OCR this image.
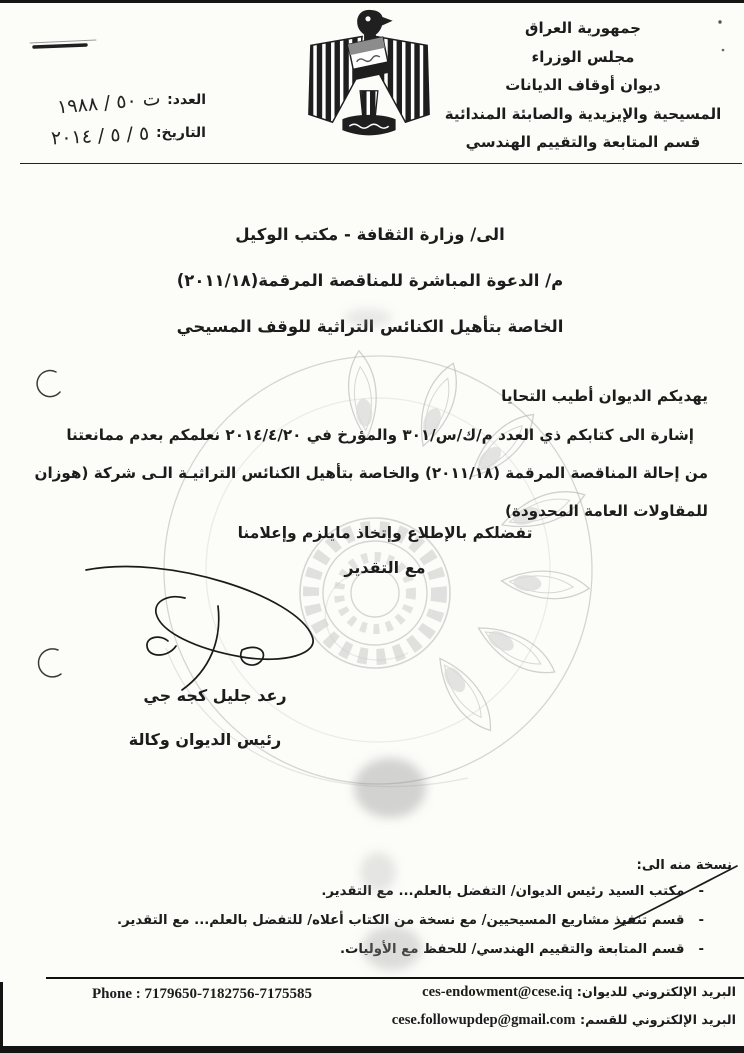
جمهورية العراق
مجلس الوزراء
ديوان أوقاف الديانات
المسيحية والإيزيدية والصابئة المندائية
قسم المتابعة والتقييم الهندسي
العدد:
ت ٥٠ / ١٩٨٨
التاريخ:
٥ / ٥ / ٢٠١٤
الى/ وزارة الثقافة - مكتب الوكيل
م/ الدعوة المباشرة للمناقصة المرقمة(٢٠١١/١٨)
الخاصة بتأهيل الكنائس التراثية للوقف المسيحي
يهديكم الديوان أطيب التحايا
إشارة الى كتابكم ذي العدد م/ك/س/٣٠١ والمؤرخ في ٢٠١٤/٤/٢٠ نعلمكم بعدم ممانعتنا
من إحالة المناقصة المرقمة (٢٠١١/١٨) والخاصة بتأهيل الكنائس التراثيـة الـى شركة (هوزان
للمقاولات العامة المحدودة)
تفضلكم بالإطلاع وإتخاذ مايلزم وإعلامنا
مع التقدير
رعد جليل كجه جي
رئيس الديوان وكالة
نسخة منه الى:
-مكتب السيد رئيس الديوان/ التفضل بالعلم... مع التقدير.
-قسم تنفيذ مشاريع المسيحيين/ مع نسخة من الكتاب أعلاه/ للتفضل بالعلم... مع التقدير.
-قسم المتابعة والتقييم الهندسي/ للحفظ مع الأوليات.
Phone : 7179650-7182756-7175585	البريد الإلكتروني للديوان: ces-endowment@cese.iq
البريد الإلكتروني للقسم: cese.followupdep@gmail.com
